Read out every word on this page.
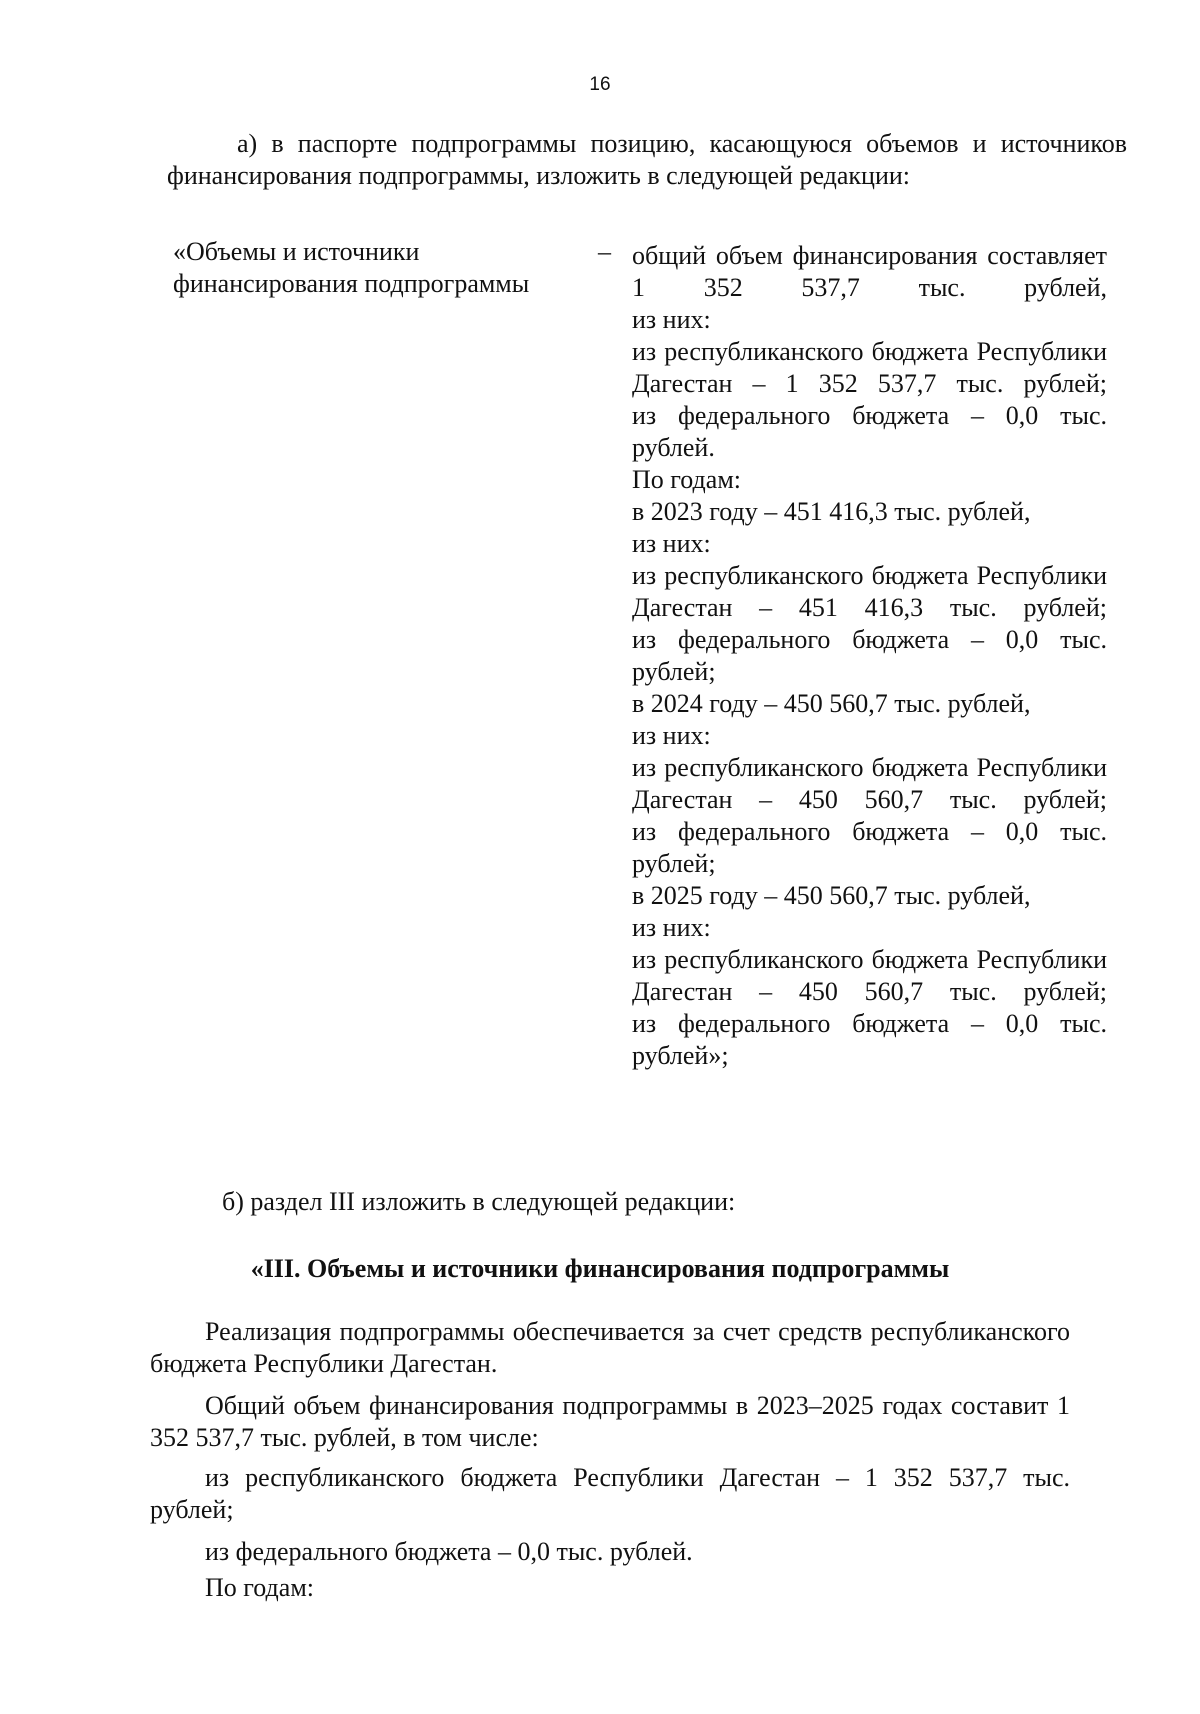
16
а) в паспорте подпрограммы позицию, касающуюся объемов и источников финансирования подпрограммы, изложить в следующей редакции:
«Объемы и источники финансирования подпрограммы
– общий объем финансирования составляет 1 352 537,7 тыс. рублей,
из них:
из республиканского бюджета Республики Дагестан – 1 352 537,7 тыс. рублей;
из федерального бюджета – 0,0 тыс. рублей.
По годам:
в 2023 году – 451 416,3 тыс. рублей,
из них:
из республиканского бюджета Республики Дагестан – 451 416,3 тыс. рублей;
из федерального бюджета – 0,0 тыс. рублей;
в 2024 году – 450 560,7 тыс. рублей,
из них:
из республиканского бюджета Республики Дагестан – 450 560,7 тыс. рублей;
из федерального бюджета – 0,0 тыс. рублей;
в 2025 году – 450 560,7 тыс. рублей,
из них:
из республиканского бюджета Республики Дагестан – 450 560,7 тыс. рублей;
из федерального бюджета – 0,0 тыс. рублей»;
б) раздел III изложить в следующей редакции:
«III. Объемы и источники финансирования подпрограммы
Реализация подпрограммы обеспечивается за счет средств республиканского бюджета Республики Дагестан.
Общий объем финансирования подпрограммы в 2023–2025 годах составит 1 352 537,7 тыс. рублей, в том числе:
из республиканского бюджета Республики Дагестан – 1 352 537,7 тыс. рублей;
из федерального бюджета – 0,0 тыс. рублей.
По годам:
